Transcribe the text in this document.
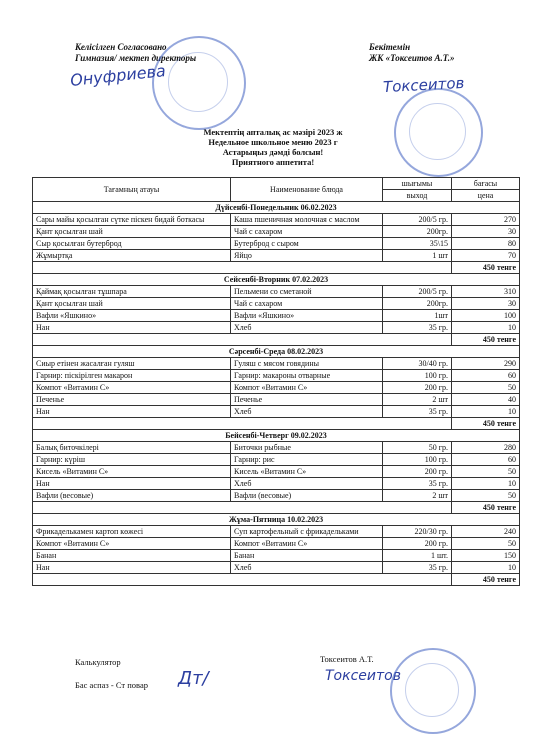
Келісілген Согласовано
Гимназия/ мектеп директоры
Бекітемін
ЖК «Токсеитов А.Т.»
Онуфриева	Токсеитов
Мектептің апталық ас мәзірі 2023 ж
Недельное школьное меню 2023 г
Астарыңыз дәмді болсын!
Приятного аппетита!
Тағамның атауы	Наименование блюда	шығымы	бағасы
		выход	цена
Дүйсенбі-Понедельник 06.02.2023			
Сары майы қосылған сүтке піскен бидай боткасы	Каша пшеничная молочная с маслом	200/5 гр.	270
Қант қосылған шай	Чай с сахаром	200гр.	30
Сыр қосылған бутерброд	Бутерброд с сыром	35\15	80
Жұмыртқа	Яйцо	1 шт	70
			450 тенге
Сейсенбі-Вторник 07.02.2023			
Қаймақ қосылған тұшпара	Пельмени со сметаной	200/5 гр.	310
Қант қосылған шай	Чай с сахаром	200гр.	30
Вафли «Яшкино»	Вафли «Яшкино»	1шт	100
Нан	Хлеб	35 гр.	10
			450 тенге
Сәрсенбі-Среда 08.02.2023			
Сиыр етінен жасалған гуляш	Гуляш с мясом говядины	30/40 гр.	290
Гарнир: піскірілген макарон	Гарнир: макароны отварные	100 гр.	60
Компот «Витамин С»	Компот «Витамин С»	200 гр.	50
Печенье	Печенье	2 шт	40
Нан	Хлеб	35 гр.	10
			450 тенге
Бейсенбі-Четверг 09.02.2023			
Балық биточкілері	Биточки рыбные	50 гр.	280
Гарнир: күріш	Гарнир: рис	100 гр.	60
Кисель «Витамин С»	Кисель «Витамин С»	200 гр.	50
Нан	Хлеб	35 гр.	10
Вафли (весовые)	Вафли (весовые)	2 шт	50
			450 тенге
Жұма-Пятница 10.02.2023			
Фрикаделькамен картоп көжесі	Суп картофельный с фрикадельками	220/30 гр.	240
Компот «Витамин С»	Компот «Витамин С»	200 гр.	50
Банан	Банан	1 шт.	150
Нан	Хлеб	35 гр.	10
			450 тенге
Калькулятор
Бас аспаз - Ст повар
Токсеитов А.Т.
Дт/	Токсеитов
